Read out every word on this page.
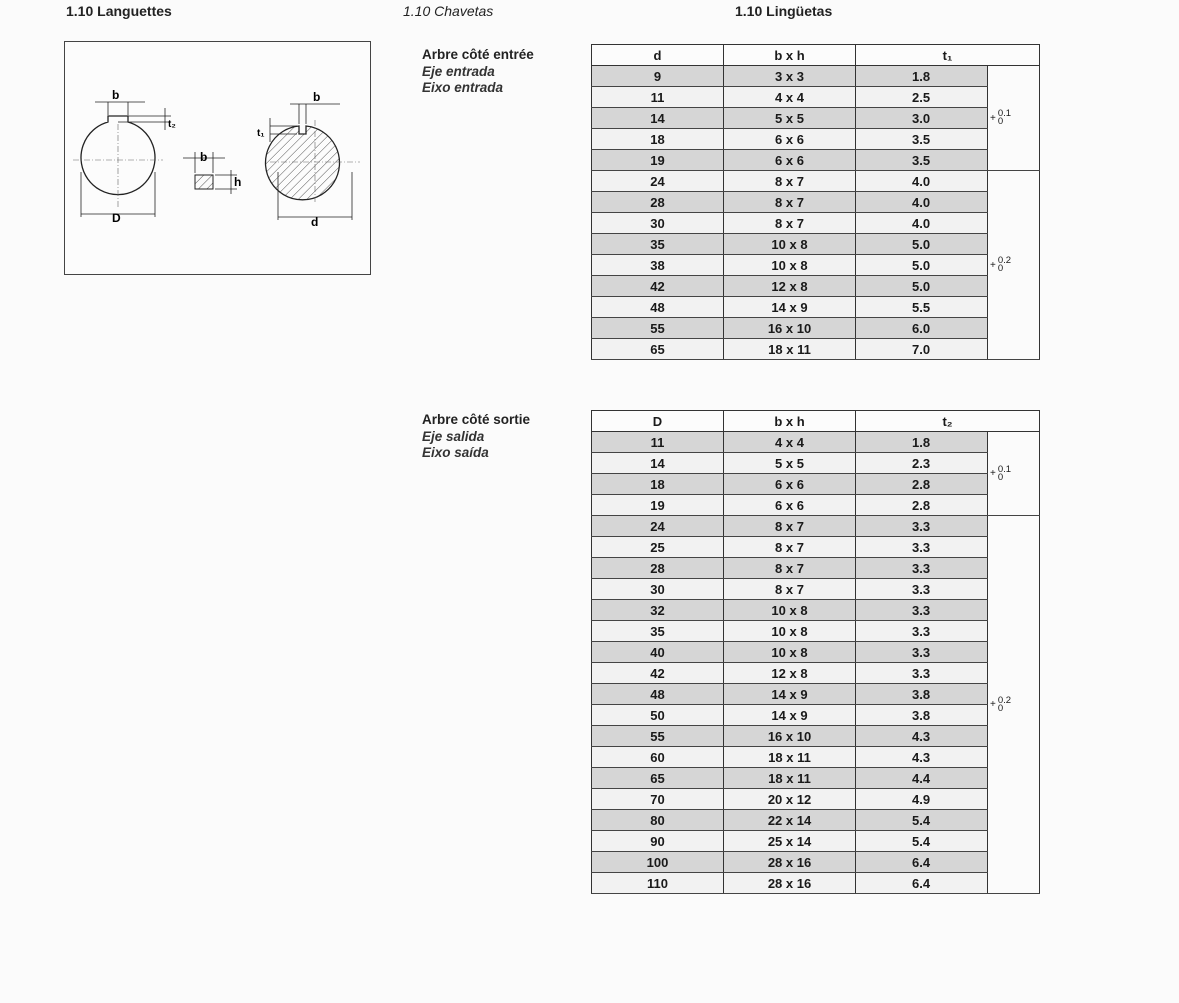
1.10 Languettes	1.10 Chavetas	1.10 Lingüetas
b
t₂
D
b
h
b
t₁
d
Arbre côté entrée
Eje entrada
Eixo entrada
d	b x h	t₁	
9	3 x 3	1.8	+ 0.1
0

11	4 x 4	2.5	
14	5 x 5	3.0	
18	6 x 6	3.5	
19	6 x 6	3.5	
24	8 x 7	4.0	+ 0.2
0

28	8 x 7	4.0	
30	8 x 7	4.0	
35	10 x 8	5.0	
38	10 x 8	5.0	
42	12 x 8	5.0	
48	14 x 9	5.5	
55	16 x 10	6.0	
65	18 x 11	7.0	
Arbre côté sortie
Eje salida
Eixo saída
D	b x h	t₂	
11	4 x 4	1.8	+ 0.1
0

14	5 x 5	2.3	
18	6 x 6	2.8	
19	6 x 6	2.8	
24	8 x 7	3.3	+ 0.2
0

25	8 x 7	3.3	
28	8 x 7	3.3	
30	8 x 7	3.3	
32	10 x 8	3.3	
35	10 x 8	3.3	
40	10 x 8	3.3	
42	12 x 8	3.3	
48	14 x 9	3.8	
50	14 x 9	3.8	
55	16 x 10	4.3	
60	18 x 11	4.3	
65	18 x 11	4.4	
70	20 x 12	4.9	
80	22 x 14	5.4	
90	25 x 14	5.4	
100	28 x 16	6.4	
110	28 x 16	6.4	
